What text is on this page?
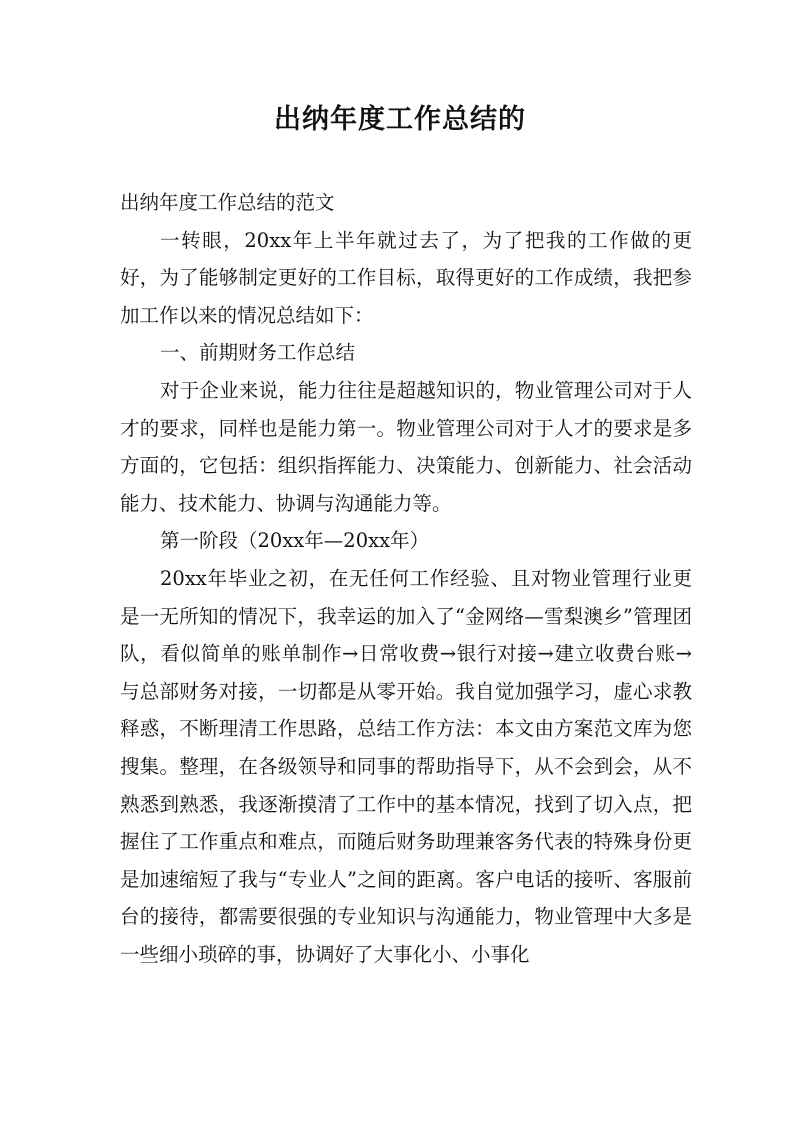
出纳年度工作总结的

出纳年度工作总结的范文

一转眼，20xx年上半年就过去了，为了把我的工作做的更好，为了能够制定更好的工作目标，取得更好的工作成绩，我把参加工作以来的情况总结如下：

一、前期财务工作总结

对于企业来说，能力往往是超越知识的，物业管理公司对于人才的要求，同样也是能力第一。物业管理公司对于人才的要求是多方面的，它包括：组织指挥能力、决策能力、创新能力、社会活动能力、技术能力、协调与沟通能力等。

第一阶段（20xx年—20xx年）

20xx年毕业之初，在无任何工作经验、且对物业管理行业更是一无所知的情况下，我幸运的加入了“金网络—雪梨澳乡”管理团队，看似简单的账单制作→日常收费→银行对接→建立收费台账→与总部财务对接，一切都是从零开始。我自觉加强学习，虚心求教释惑，不断理清工作思路，总结工作方法：本文由方案范文库为您搜集。整理，在各级领导和同事的帮助指导下，从不会到会，从不熟悉到熟悉，我逐渐摸清了工作中的基本情况，找到了切入点，把握住了工作重点和难点，而随后财务助理兼客务代表的特殊身份更是加速缩短了我与“专业人”之间的距离。客户电话的接听、客服前台的接待，都需要很强的专业知识与沟通能力，物业管理中大多是一些细小琐碎的事，协调好了大事化小、小事化
